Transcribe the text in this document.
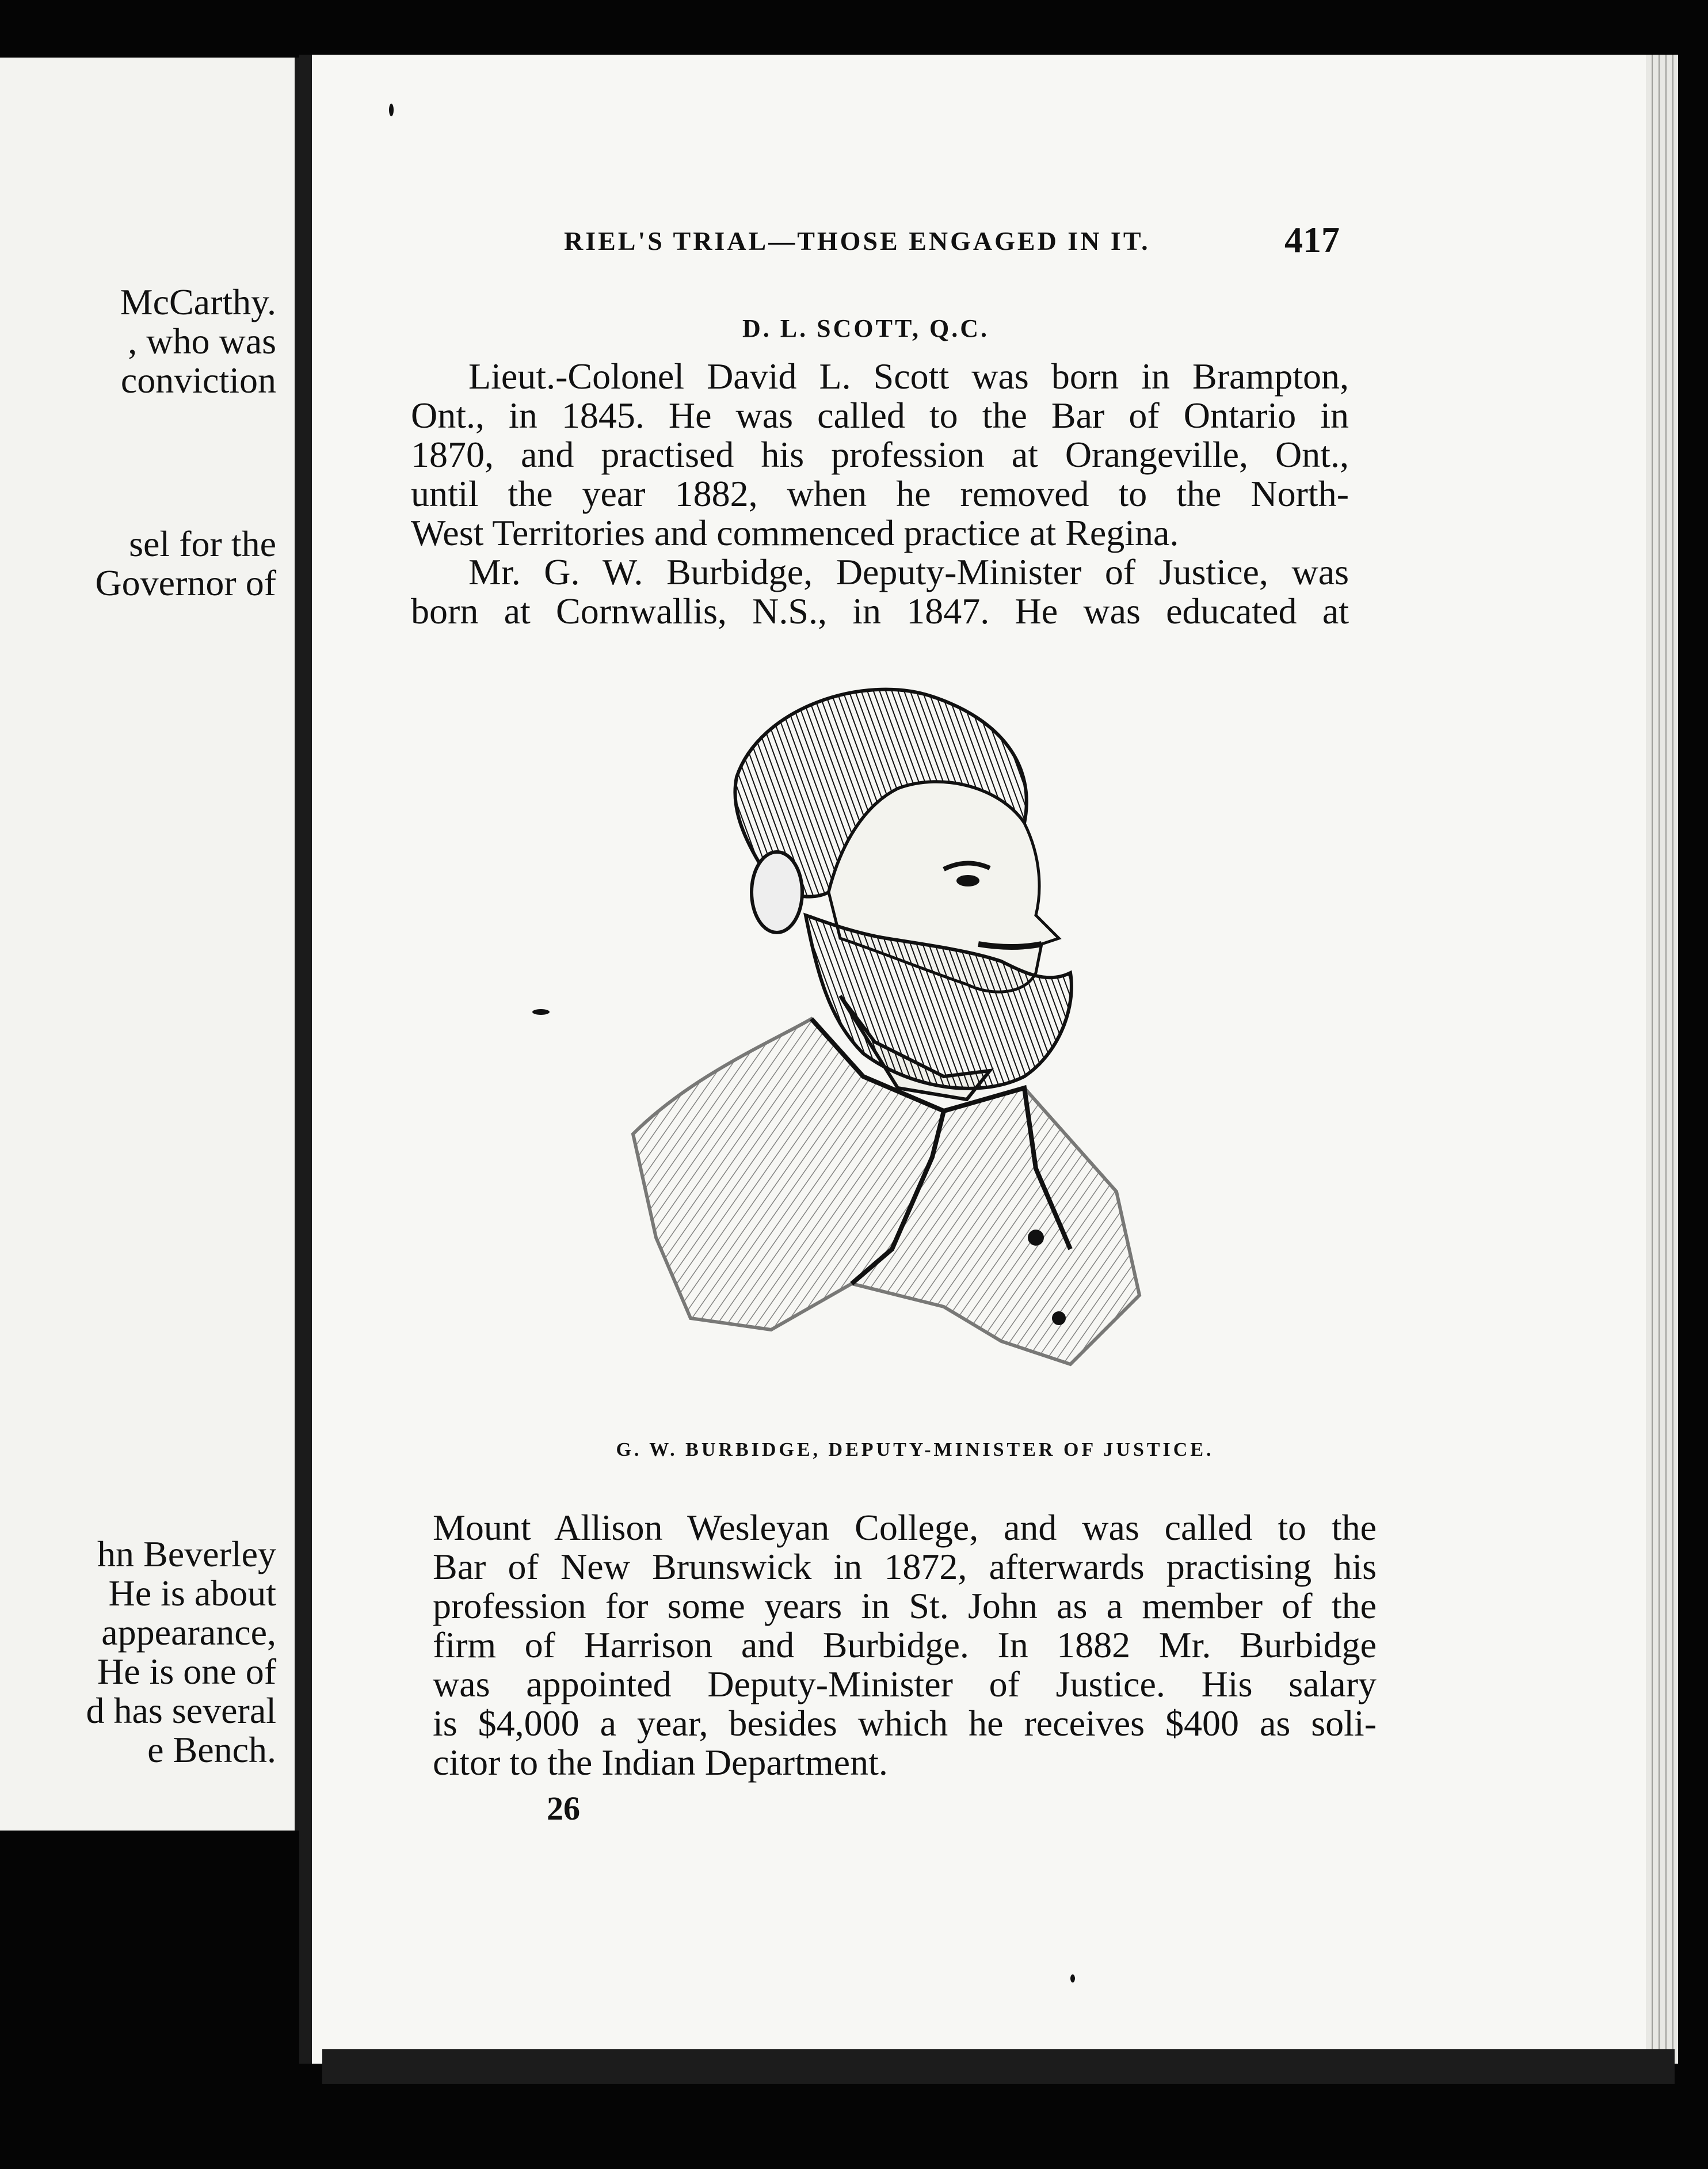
McCarthy.
, who was
conviction
sel for the
Governor of
hn Beverley
He is about
appearance,
He is one of
d has several
e Bench.
RIEL'S TRIAL—THOSE ENGAGED IN IT.	417
D. L. SCOTT, Q.C.
Lieut.-Colonel David L. Scott was born in Brampton,
Ont., in 1845. He was called to the Bar of Ontario in
1870, and practised his profession at Orangeville, Ont.,
until the year 1882, when he removed to the North-
West Territories and commenced practice at Regina.
Mr. G. W. Burbidge, Deputy-Minister of Justice, was
born at Cornwallis, N.S., in 1847. He was educated at
G. W. BURBIDGE, DEPUTY-MINISTER OF JUSTICE.
Mount Allison Wesleyan College, and was called to the
Bar of New Brunswick in 1872, afterwards practising his
profession for some years in St. John as a member of the
firm of Harrison and Burbidge. In 1882 Mr. Burbidge
was appointed Deputy-Minister of Justice. His salary
is $4,000 a year, besides which he receives $400 as soli-
citor to the Indian Department.
26
